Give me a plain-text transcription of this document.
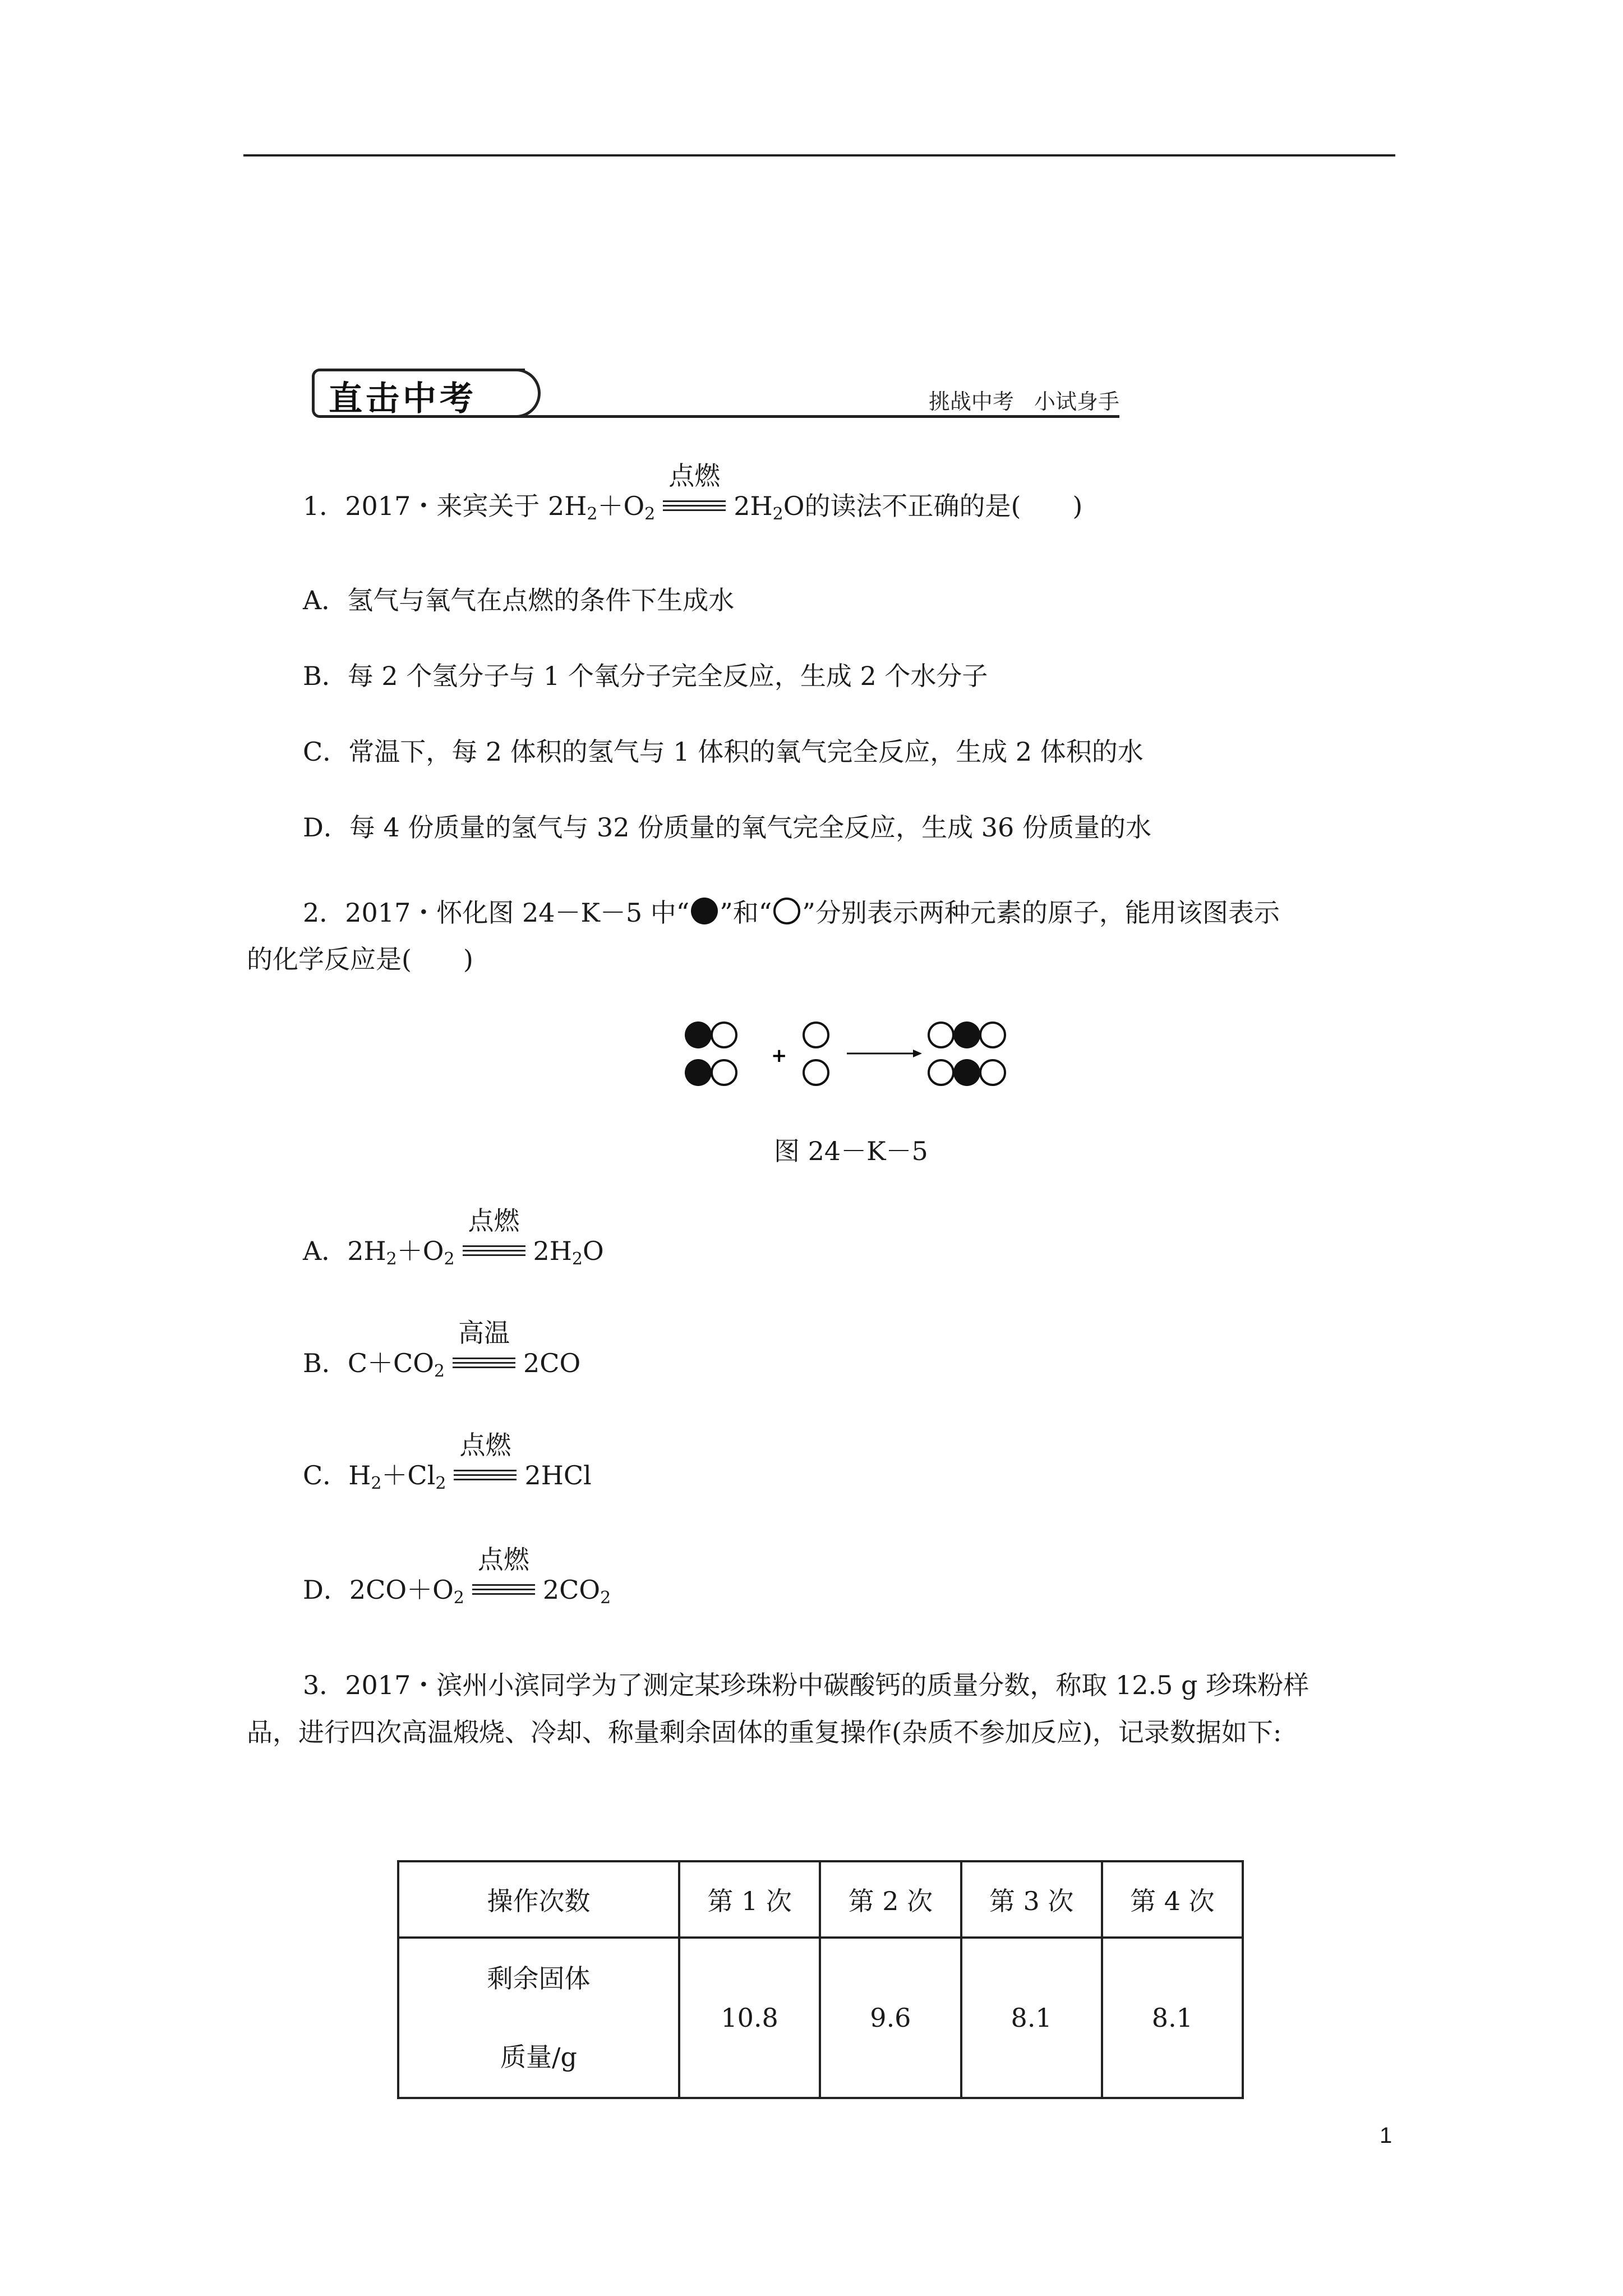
直击中考	挑战中考 小试身手
1．2017・来宾关于 $2H_2+O_2$
点燃
$2H_2O$的读法不正确的是(　　)
A．氢气与氧气在点燃的条件下生成水
B．每 2 个氢分子与 1 个氧分子完全反应，生成 2 个水分子
C．常温下，每 2 体积的氢气与 1 体积的氧气完全反应，生成 2 体积的水
D．每 4 份质量的氢气与 32 份质量的氧气完全反应，生成 36 份质量的水
2．2017・怀化图 24－K－5 中“ ”和“ ”分别表示两种元素的原子，能用该图表示
的化学反应是(　　)
+
图 24－K－5
A．$2H_2+O_2$
点燃
$2H_2O$
B．$C+CO_2$
高温
2CO
C．$H_2+Cl_2$
点燃
2HCl
D．$2CO+O_2$
点燃
$2CO_2$
3．2017・滨州小滨同学为了测定某珍珠粉中碳酸钙的质量分数，称取 12.5 g 珍珠粉样
品，进行四次高温煅烧、冷却、称量剩余固体的重复操作(杂质不参加反应)，记录数据如下:
操作次数	第 1 次	第 2 次	第 3 次	第 4 次

剩余固体
质量/g	10.8	9.6	8.1	8.1
1
